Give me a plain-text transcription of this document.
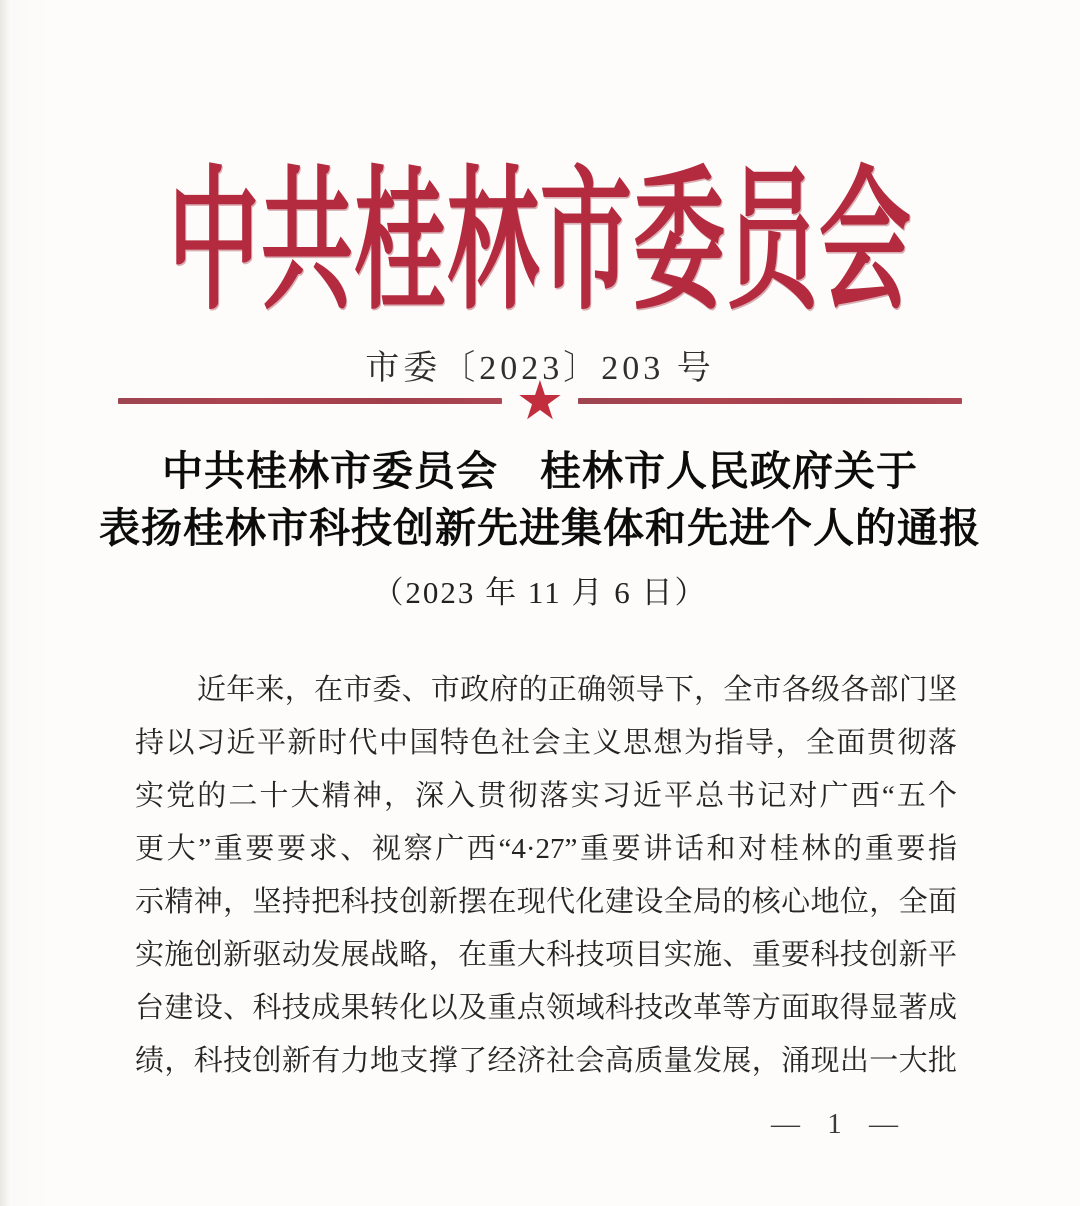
中共桂林市委员会
市委〔2023〕203 号
★
中共桂林市委员会　桂林市人民政府关于
表扬桂林市科技创新先进集体和先进个人的通报
（2023 年 11 月 6 日）
近年来，在市委、市政府的正确领导下，全市各级各部门坚
持以习近平新时代中国特色社会主义思想为指导，全面贯彻落
实党的二十大精神，深入贯彻落实习近平总书记对广西“五个
更大”重要要求、视察广西“4·27”重要讲话和对桂林的重要指
示精神，坚持把科技创新摆在现代化建设全局的核心地位，全面
实施创新驱动发展战略，在重大科技项目实施、重要科技创新平
台建设、科技成果转化以及重点领域科技改革等方面取得显著成
绩，科技创新有力地支撑了经济社会高质量发展，涌现出一大批
— 1 —
